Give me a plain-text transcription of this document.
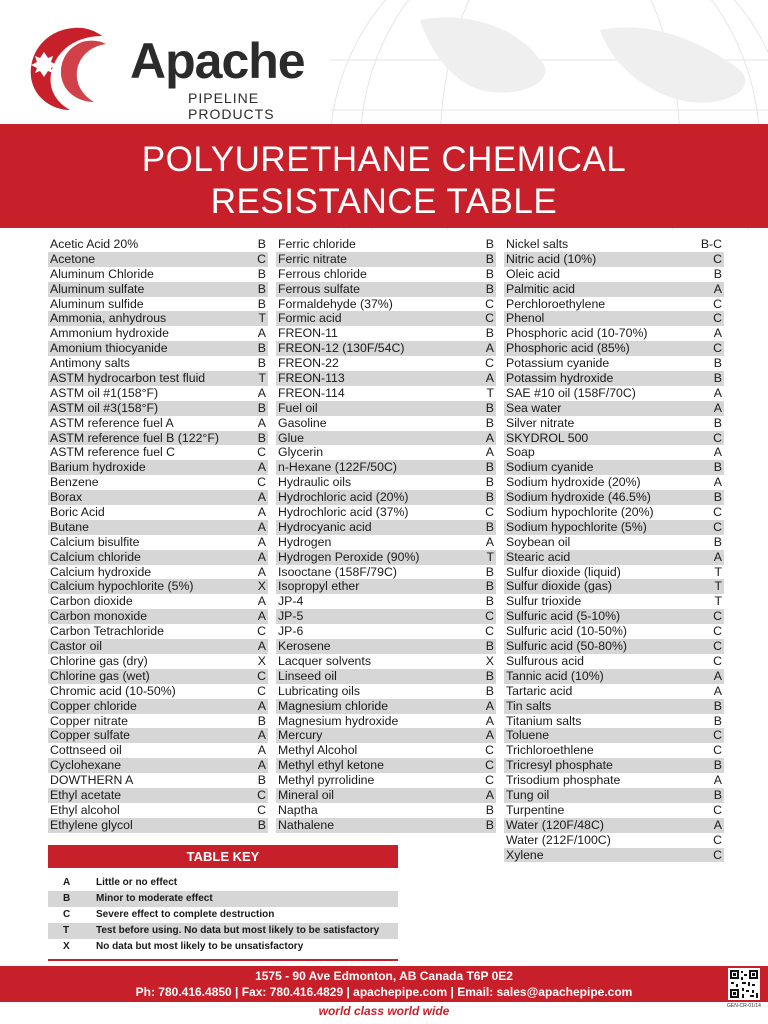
Apache
PIPELINE PRODUCTS
POLYURETHANE CHEMICAL
RESISTANCE TABLE
Acetic Acid 20%	B
Acetone	C
Aluminum Chloride	B
Aluminum sulfate	B
Aluminum sulfide	B
Ammonia, anhydrous	T
Ammonium hydroxide	A
Amonium thiocyanide	B
Antimony salts	B
ASTM hydrocarbon test fluid	T
ASTM oil #1(158°F)	A
ASTM oil #3(158°F)	B
ASTM reference fuel A	A
ASTM reference fuel B (122°F)	B
ASTM reference fuel C	C
Barium hydroxide	A
Benzene	C
Borax	A
Boric Acid	A
Butane	A
Calcium bisulfite	A
Calcium chloride	A
Calcium hydroxide	A
Calcium hypochlorite (5%)	X
Carbon dioxide	A
Carbon monoxide	A
Carbon Tetrachloride	C
Castor oil	A
Chlorine gas (dry)	X
Chlorine gas (wet)	C
Chromic acid (10-50%)	C
Copper chloride	A
Copper nitrate	B
Copper sulfate	A
Cottnseed oil	A
Cyclohexane	A
DOWTHERN A	B
Ethyl acetate	C
Ethyl alcohol	C
Ethylene glycol	B
Ferric chloride	B
Ferric nitrate	B
Ferrous chloride	B
Ferrous sulfate	B
Formaldehyde (37%)	C
Formic acid	C
FREON-11	B
FREON-12 (130F/54C)	A
FREON-22	C
FREON-113	A
FREON-114	T
Fuel oil	B
Gasoline	B
Glue	A
Glycerin	A
n-Hexane (122F/50C)	B
Hydraulic oils	B
Hydrochloric acid (20%)	B
Hydrochloric acid (37%)	C
Hydrocyanic acid	B
Hydrogen	A
Hydrogen Peroxide (90%)	T
Isooctane (158F/79C)	B
Isopropyl ether	B
JP-4	B
JP-5	C
JP-6	C
Kerosene	B
Lacquer solvents	X
Linseed oil	B
Lubricating oils	B
Magnesium chloride	A
Magnesium hydroxide	A
Mercury	A
Methyl Alcohol	C
Methyl ethyl ketone	C
Methyl pyrrolidine	C
Mineral oil	A
Naptha	B
Nathalene	B
Nickel salts	B-C
Nitric acid (10%)	C
Oleic acid	B
Palmitic acid	A
Perchloroethylene	C
Phenol	C
Phosphoric acid (10-70%)	A
Phosphoric acid (85%)	C
Potassium cyanide	B
Potassim hydroxide	B
SAE #10 oil (158F/70C)	A
Sea water	A
Silver nitrate	B
SKYDROL 500	C
Soap	A
Sodium cyanide	B
Sodium hydroxide (20%)	A
Sodium hydroxide (46.5%)	B
Sodium hypochlorite (20%)	C
Sodium hypochlorite (5%)	C
Soybean oil	B
Stearic acid	A
Sulfur dioxide (liquid)	T
Sulfur dioxide (gas)	T
Sulfur trioxide	T
Sulfuric acid (5-10%)	C
Sulfuric acid (10-50%)	C
Sulfuric acid (50-80%)	C
Sulfurous acid	C
Tannic acid (10%)	A
Tartaric acid	A
Tin salts	B
Titanium salts	B
Toluene	C
Trichloroethlene	C
Tricresyl phosphate	B
Trisodium phosphate	A
Tung oil	B
Turpentine	C
Water (120F/48C)	A
Water (212F/100C)	C
Xylene	C
TABLE KEY
A	Little or no effect
B	Minor to moderate effect
C	Severe effect to complete destruction
T	Test before using. No data but most likely to be satisfactory
X	No data but most likely to be unsatisfactory
1575 - 90 Ave Edmonton, AB Canada T6P 0E2
Ph: 780.416.4850 | Fax: 780.416.4829 | apachepipe.com | Email: sales@apachepipe.com
GEN-CR-01/14
world class world wide
